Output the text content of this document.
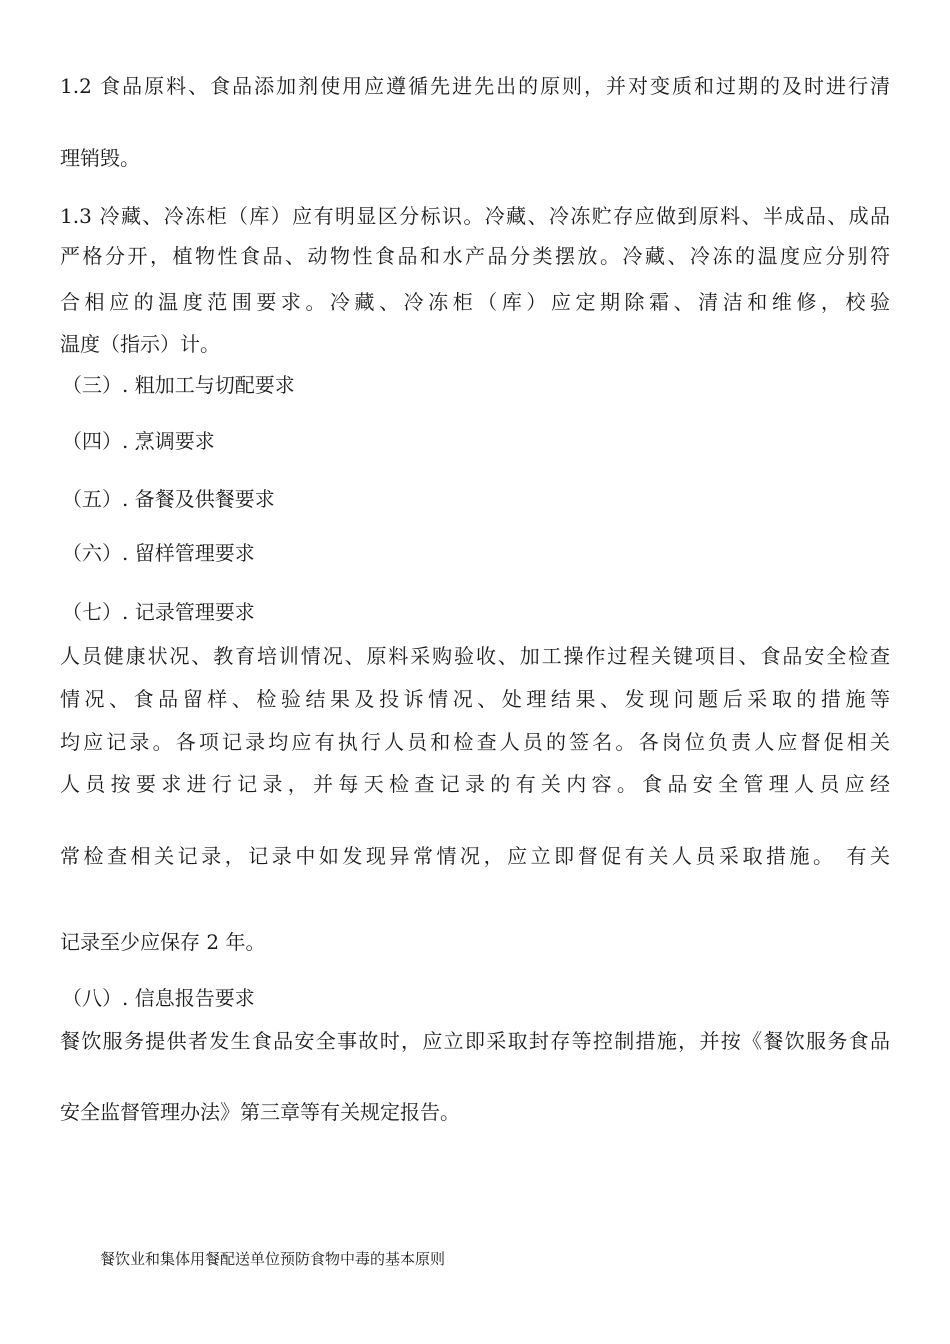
1.2 食品原料、食品添加剂使用应遵循先进先出的原则，并对变质和过期的及时进行清
理销毁。
1.3 冷藏、冷冻柜（库）应有明显区分标识。冷藏、冷冻贮存应做到原料、半成品、成品
严格分开，植物性食品、动物性食品和水产品分类摆放。冷藏、冷冻的温度应分别符
合相应的温度范围要求。冷藏、冷冻柜（库）应定期除霜、清洁和维修，校验
温度（指示）计。
（三）. 粗加工与切配要求
（四）. 烹调要求
（五）. 备餐及供餐要求
（六）. 留样管理要求
（七）. 记录管理要求
人员健康状况、教育培训情况、原料采购验收、加工操作过程关键项目、食品安全检查
情况、食品留样、检验结果及投诉情况、处理结果、发现问题后采取的措施等
均应记录。各项记录均应有执行人员和检查人员的签名。各岗位负责人应督促相关
人员按要求进行记录，并每天检查记录的有关内容。食品安全管理人员应经
常检查相关记录，记录中如发现异常情况，应立即督促有关人员采取措施。 有关
记录至少应保存 2 年。
（八）. 信息报告要求
餐饮服务提供者发生食品安全事故时，应立即采取封存等控制措施，并按《餐饮服务食品
安全监督管理办法》第三章等有关规定报告。
餐饮业和集体用餐配送单位预防食物中毒的基本原则
